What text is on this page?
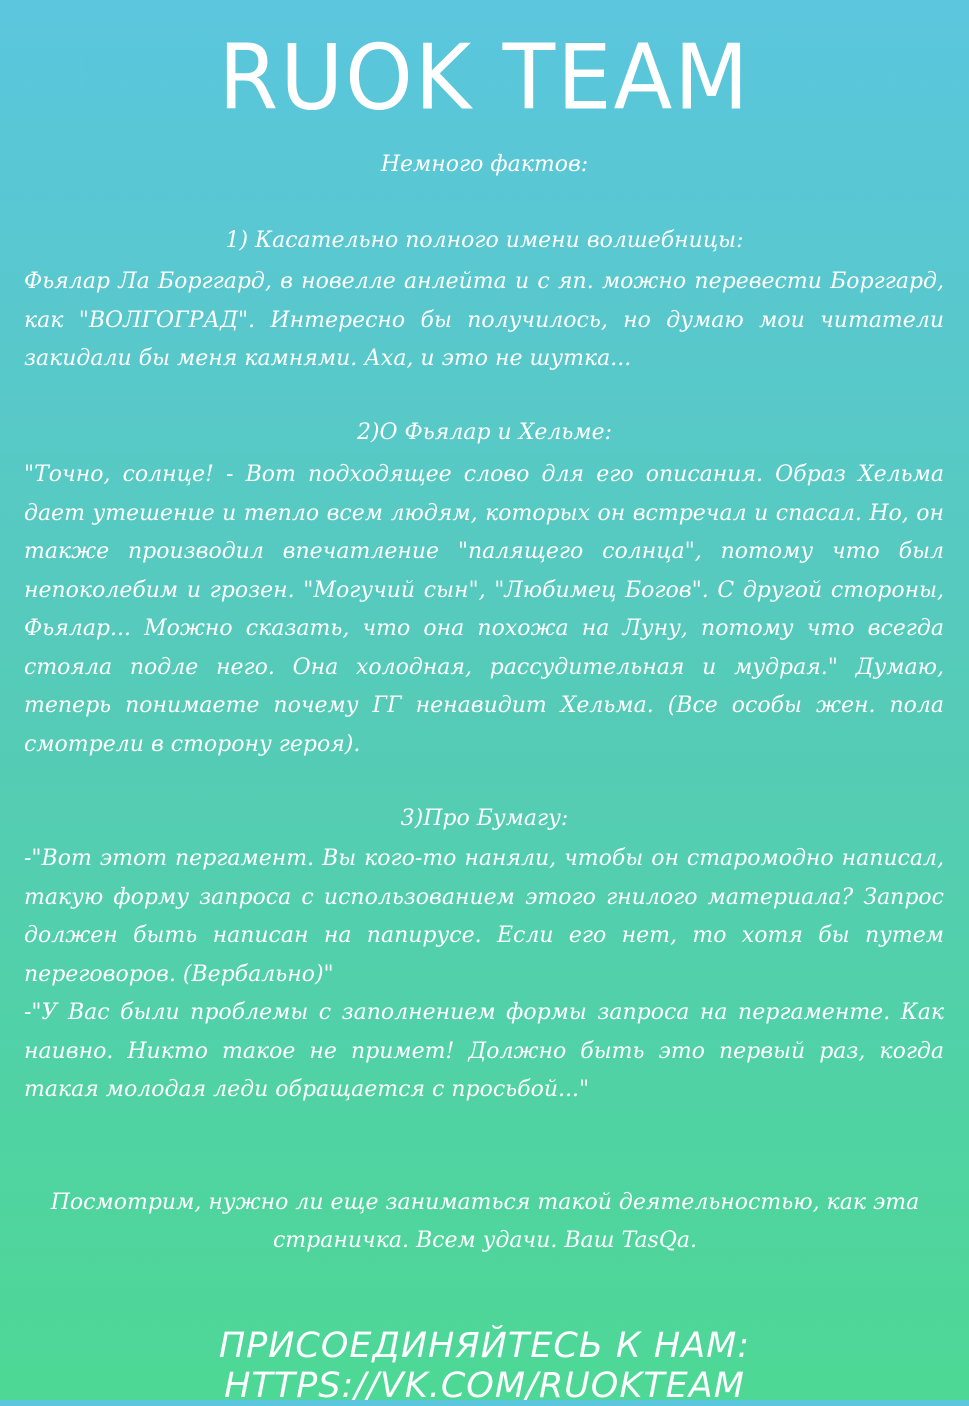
RUOK TEAM
Немного фактов:
1) Касательно полного имени волшебницы:

Фьялар Ла Борггард, в новелле анлейта и с яп. можно перевести Борггард, как "ВОЛГОГРАД". Интересно бы получилось, но думаю мои читатели закидали бы меня камнями. Аха, и это не шутка...

2)О Фьялар и Хельме:

"Точно, солнце! - Вот подходящее слово для его описания. Образ Хельма дает утешение и тепло всем людям, которых он встречал и спасал. Но, он также производил впечатление "палящего солнца", потому что был непоколебим и грозен. "Могучий сын", "Любимец Богов". С другой стороны, Фьялар... Можно сказать, что она похожа на Луну, потому что всегда стояла подле него. Она холодная, рассудительная и мудрая." Думаю, теперь понимаете почему ГГ ненавидит Хельма. (Все особы жен. пола смотрели в сторону героя).

3)Про Бумагу:

-"Вот этот пергамент. Вы кого-то наняли, чтобы он старомодно написал, такую форму запроса с использованием этого гнилого материала? Запрос должен быть написан на папирусе. Если его нет, то хотя бы путем переговоров. (Вербально)"

-"У Вас были проблемы с заполнением формы запроса на пергаменте. Как наивно. Никто такое не примет! Должно быть это первый раз, когда такая молодая леди обращается с просьбой..."

Посмотрим, нужно ли еще заниматься такой деятельностью, как эта страничка. Всем удачи. Ваш TasQa.
ПРИСОЕДИНЯЙТЕСЬ К НАМ: HTTPS://VK.COM/RUOKTEAM
